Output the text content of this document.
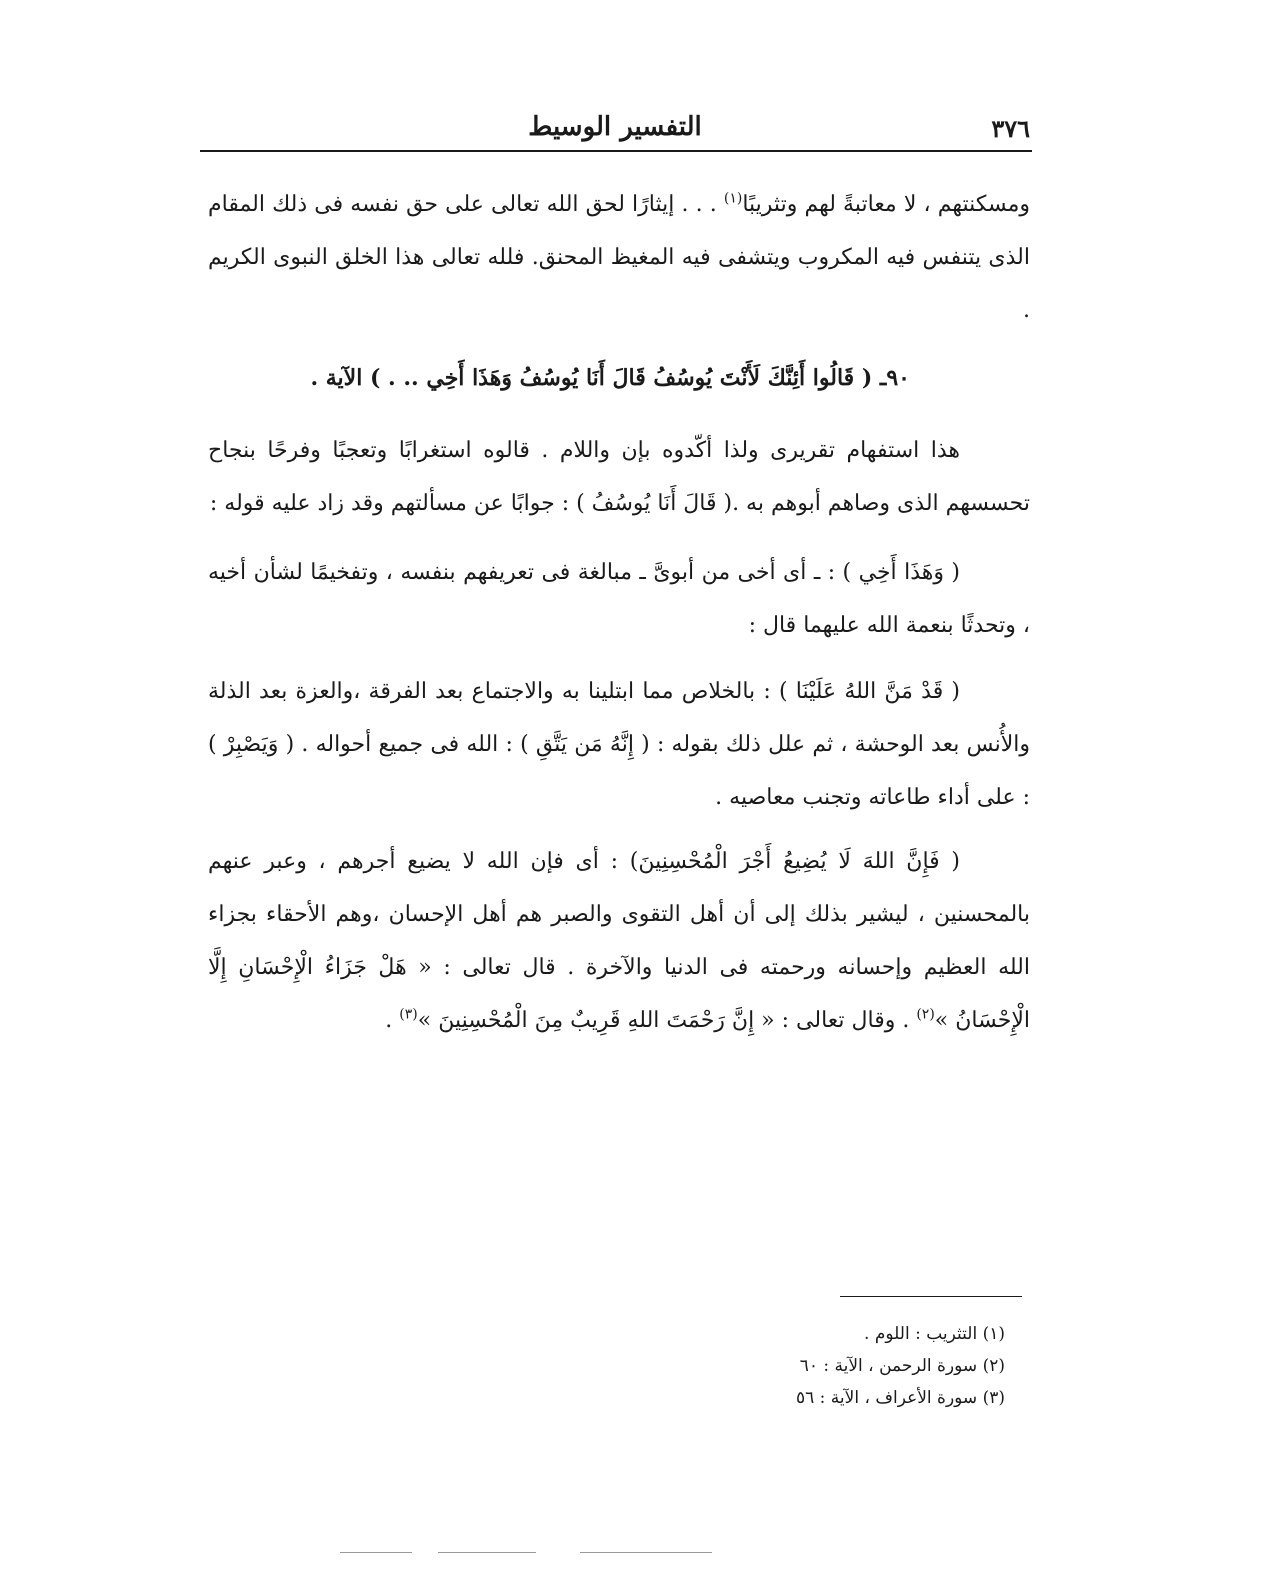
٣٧٦
التفسير الوسيط

ومسكنتهم ، لا معاتبةً لهم وتثريبًا$^{(١)}$ . . . إيثارًا لحق الله تعالى على حق نفسه فى ذلك المقام الذى يتنفس فيه المكروب ويتشفى فيه المغيظ المحنق. فلله تعالى هذا الخلق النبوى الكريم .

٩٠ـ ( قَالُوا أَئِنَّكَ لَأَنْتَ يُوسُفُ قَالَ أَنَا يُوسُفُ وَهَذَا أَخِي .. . ) الآية .

هذا استفهام تقريرى ولذا أكّدوه بإن واللام . قالوه استغرابًا وتعجبًا وفرحًا بنجاح تحسسهم الذى وصاهم أبوهم به .( قَالَ أَنَا يُوسُفُ ) : جوابًا عن مسألتهم وقد زاد عليه قوله :

( وَهَذَا أَخِي ) : ـ أى أخى من أبوىَّ ـ مبالغة فى تعريفهم بنفسه ، وتفخيمًا لشأن أخيه ، وتحدثًا بنعمة الله عليهما قال :

( قَدْ مَنَّ اللهُ عَلَيْنَا ) : بالخلاص مما ابتلينا به والاجتماع بعد الفرقة ،والعزة بعد الذلة والأُنس بعد الوحشة ، ثم علل ذلك بقوله : ( إِنَّهُ مَن يَتَّقِ ) : الله فى جميع أحواله . ( وَيَصْبِرْ ) : على أداء طاعاته وتجنب معاصيه .

( فَإِنَّ اللهَ لَا يُضِيعُ أَجْرَ الْمُحْسِنِينَ) : أى فإن الله لا يضيع أجرهم ، وعبر عنهم بالمحسنين ، ليشير بذلك إلى أن أهل التقوى والصبر هم أهل الإحسان ،وهم الأحقاء بجزاء الله العظيم وإحسانه ورحمته فى الدنيا والآخرة . قال تعالى : « هَلْ جَزَاءُ الْإِحْسَانِ إِلَّا الْإِحْسَانُ »$^{(٢)}$ . وقال تعالى : « إِنَّ رَحْمَتَ اللهِ قَرِيبٌ مِنَ الْمُحْسِنِينَ »$^{(٣)}$ .

(١) التثريب : اللوم .

(٢) سورة الرحمن ، الآية : ٦٠

(٣) سورة الأعراف ، الآية : ٥٦
